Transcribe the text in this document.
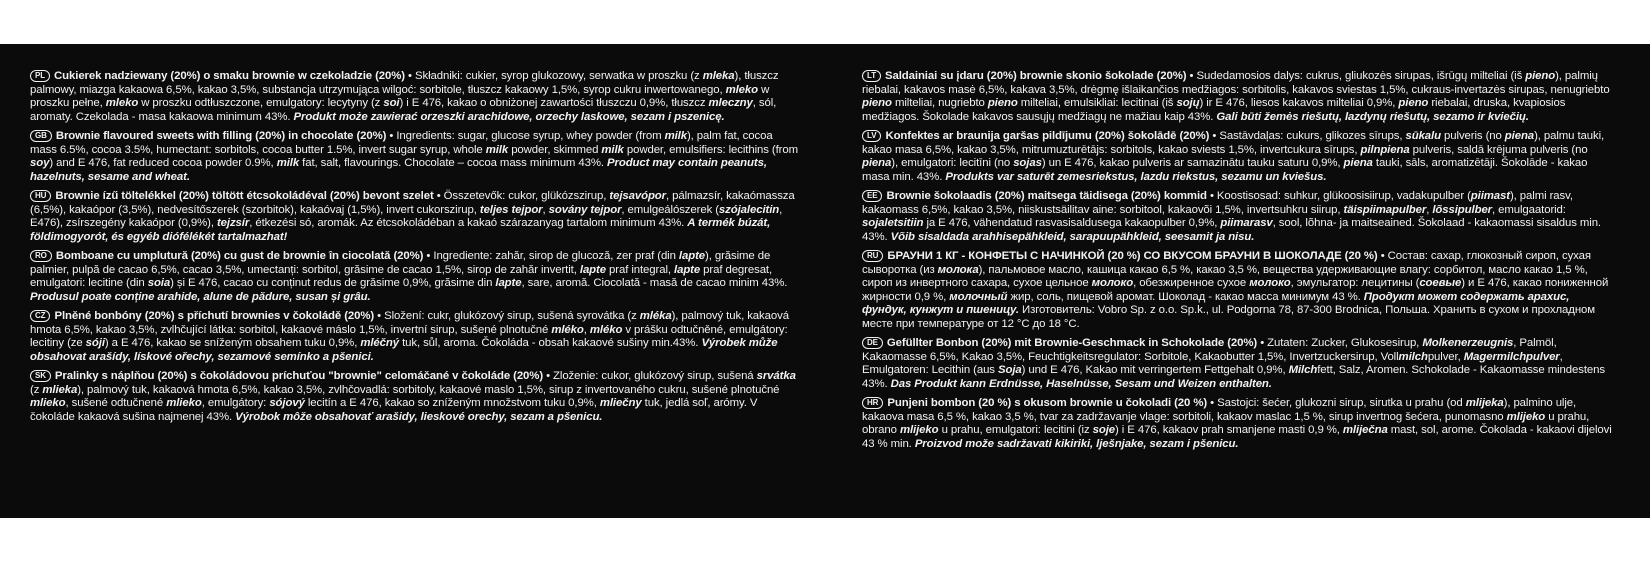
PL Cukierek nadziewany (20%) o smaku brownie w czekoladzie (20%) • Składniki: cukier, syrop glukozowy, serwatka w proszku (z mleka), tłuszcz palmowy, miazga kakaowa 6,5%, kakao 3,5%, substancja utrzymująca wilgoć: sorbitole, tłuszcz kakaowy 1,5%, syrop cukru inwertowanego, mleko w proszku pełne, mleko w proszku odtłuszczone, emulgatory: lecytyny (z soi) i E 476, kakao o obniżonej zawartości tłuszczu 0,9%, tłuszcz mleczny, sól, aromaty. Czekolada - masa kakaowa minimum 43%. Produkt może zawierać orzeszki arachidowe, orzechy laskowe, sezam i pszenicę.
GB Brownie flavoured sweets with filling (20%) in chocolate (20%) • Ingredients: sugar, glucose syrup, whey powder (from milk), palm fat, cocoa mass 6.5%, cocoa 3.5%, humectant: sorbitols, cocoa butter 1.5%, invert sugar syrup, whole milk powder, skimmed milk powder, emulsifiers: lecithins (from soy) and E 476, fat reduced cocoa powder 0.9%, milk fat, salt, flavourings. Chocolate – cocoa mass minimum 43%. Product may contain peanuts, hazelnuts, sesame and wheat.
HU Brownie ízű töltelékkel (20%) töltött étcsokoládéval (20%) bevont szelet • Összetevők: cukor, glükózszirup, tejsavópor, pálmazsír, kakaómassza (6,5%), kakaópor (3,5%), nedvesítőszerek (szorbitok), kakaóvaj (1,5%), invert cukorszirup, teljes tejpor, sovány tejpor, emulgeálószerek (szójalecitin, E476), zsírszegény kakaópor (0,9%), tejzsír, étkezési só, aromák. Az étcsokoládéban a kakaó szárazanyag tartalom minimum 43%. A termék búzát, földimogyorót, és egyéb diófélékét tartalmazhat!
RO Bomboane cu umplutură (20%) cu gust de brownie în ciocolată (20%) • Ingrediente: zahăr, sirop de glucoză, zer praf (din lapte), grăsime de palmier, pulpă de cacao 6,5%, cacao 3,5%, umectanți: sorbitol, grăsime de cacao 1,5%, sirop de zahăr invertit, lapte praf integral, lapte praf degresat, emulgatori: lecitine (din soia) și E 476, cacao cu conținut redus de grăsime 0,9%, grăsime din lapte, sare, aromă. Ciocolată - masă de cacao minim 43%. Produsul poate conține arahide, alune de pădure, susan și grâu.
CZ Plněné bonbóny (20%) s příchutí brownies v čokoládě (20%) • Složení: cukr, glukózový sirup, sušená syrovátka (z mléka), palmový tuk, kakaová hmota 6,5%, kakao 3,5%, zvlhčující látka: sorbitol, kakaové máslo 1,5%, invertní sirup, sušené plnotučné mléko, mléko v prášku odtučněné, emulgátory: lecitiny (ze sóji) a E 476, kakao se sníženým obsahem tuku 0,9%, mléčný tuk, sůl, aroma. Čokoláda - obsah kakaové sušiny min.43%. Výrobek může obsahovat arašídy, lískové ořechy, sezamové semínko a pšenici.
SK Pralinky s náplňou (20%) s čokoládovou príchuťou "brownie" celomáčané v čokoláde (20%) • Zloženie: cukor, glukózový sirup, sušená srvátka (z mlieka), palmový tuk, kakaová hmota 6,5%, kakao 3,5%, zvlhčovadlá: sorbitoly, kakaové maslo 1,5%, sirup z invertovaného cukru, sušené plnotučné mlieko, sušené odtučnené mlieko, emulgátory: sójový lecitín a E 476, kakao so zníženým množstvom tuku 0,9%, mliečny tuk, jedlá soľ, arómy. V čokoláde kakaová sušina najmenej 43%. Výrobok môže obsahovať arašidy, lieskové orechy, sezam a pšenicu.
LT Saldainiai su įdaru (20%) brownie skonio šokolade (20%) • Sudedamosios dalys: cukrus, gliukozės sirupas, išrūgų milteliai (iš pieno), palmių riebalai, kakavos masė 6,5%, kakava 3,5%, drėgmę išlaikančios medžiagos: sorbitolis, kakavos sviestas 1,5%, cukraus-invertazės sirupas, nenugriebto pieno milteliai, nugriebto pieno milteliai, emulsikliai: lecitinai (iš sojų) ir E 476, liesos kakavos milteliai 0,9%, pieno riebalai, druska, kvapiosios medžiagos. Šokolade kakavos sausųjų medžiagų ne mažiau kaip 43%. Gali būti žemės riešutų, lazdynų riešutų, sezamo ir kviečių.
LV Konfektes ar braunija garšas pildījumu (20%) šokolādē (20%) • Sastāvdaļas: cukurs, glikozes sīrups, sūkalu pulveris (no piena), palmu tauki, kakao masa 6,5%, kakao 3,5%, mitrumuzturētājs: sorbitols, kakao sviests 1,5%, invertcukura sīrups, pilnpiena pulveris, saldā krējuma pulveris (no piena), emulgatori: lecitīni (no sojas) un E 476, kakao pulveris ar samazinātu tauku saturu 0,9%, piena tauki, sāls, aromatizētāji. Šokolāde - kakao masa min. 43%. Produkts var saturēt zemesriekstus, lazdu riekstus, sezamu un kviešus.
EE Brownie šokolaadis (20%) maitsega täidisega (20%) kommid • Koostisosad: suhkur, glükoosisiirup, vadakupulber (piimast), palmi rasv, kakaomass 6,5%, kakao 3,5%, niiskustsäilitav aine: sorbitool, kakaovõi 1,5%, invertsuhkru siirup, täispiimapulber, lõssipulber, emulgaatorid: sojaletsitiin ja E 476, vähendatud rasvasisaldusega kakaopulber 0,9%, piimarasv, sool, lõhna- ja maitseained. Šokolaad - kakaomassi sisaldus min. 43%. Võib sisaldada arahhisepähkleid, sarapuupähkleid, seesamit ja nisu.
RU БРАУНИ 1 КГ - КОНФЕТЫ С НАЧИНКОЙ (20 %) СО ВКУСОМ БРАУНИ В ШОКОЛАДЕ (20 %) • Состав: сахар, глюкозный сироп, сухая сыворотка (из молока), пальмовое масло, кашица какао 6,5 %, какао 3,5 %, вещества удерживающие влагу: сорбитол, масло какао 1,5 %, сироп из инвертного сахара, сухое цельное молоко, обезжиренное сухое молоко, эмульгатор: лецитины (соевые) и E 476, какао пониженной жирности 0,9 %, молочный жир, соль, пищевой аромат. Шоколад - какао масса минимум 43 %. Продукт может содержать арахис, фундук, кунжут и пшеницу. Изготовитель: Vobro Sp. z o.o. Sp.k., ul. Podgorna 78, 87-300 Brodnica, Польша. Хранить в сухом и прохладном месте при температуре от 12 °С до 18 °С.
DE Gefüllter Bonbon (20%) mit Brownie-Geschmack in Schokolade (20%) • Zutaten: Zucker, Glukosesirup, Molkenerzeugnis, Palmöl, Kakaomasse 6,5%, Kakao 3,5%, Feuchtigkeitsregulator: Sorbitole, Kakaobutter 1,5%, Invertzuckersirup, Vollmilchpulver, Magermilchpulver, Emulgatoren: Lecithin (aus Soja) und E 476, Kakao mit verringertem Fettgehalt 0,9%, Milchfett, Salz, Aromen. Schokolade - Kakaomasse mindestens 43%. Das Produkt kann Erdnüsse, Haselnüsse, Sesam und Weizen enthalten.
HR Punjeni bombon (20 %) s okusom brownie u čokoladi (20 %) • Sastojci: šećer, glukozni sirup, sirutka u prahu (od mlijeka), palmino ulje, kakaova masa 6,5 %, kakao 3,5 %, tvar za zadržavanje vlage: sorbitoli, kakaov maslac 1,5 %, sirup invertnog šećera, punomasno mlijeko u prahu, obrano mlijeko u prahu, emulgatori: lecitini (iz soje) i E 476, kakaov prah smanjene masti 0,9 %, mliječna mast, sol, arome. Čokolada - kakaovi dijelovi 43 % min. Proizvod može sadržavati kikiriki, lješnjake, sezam i pšenicu.
